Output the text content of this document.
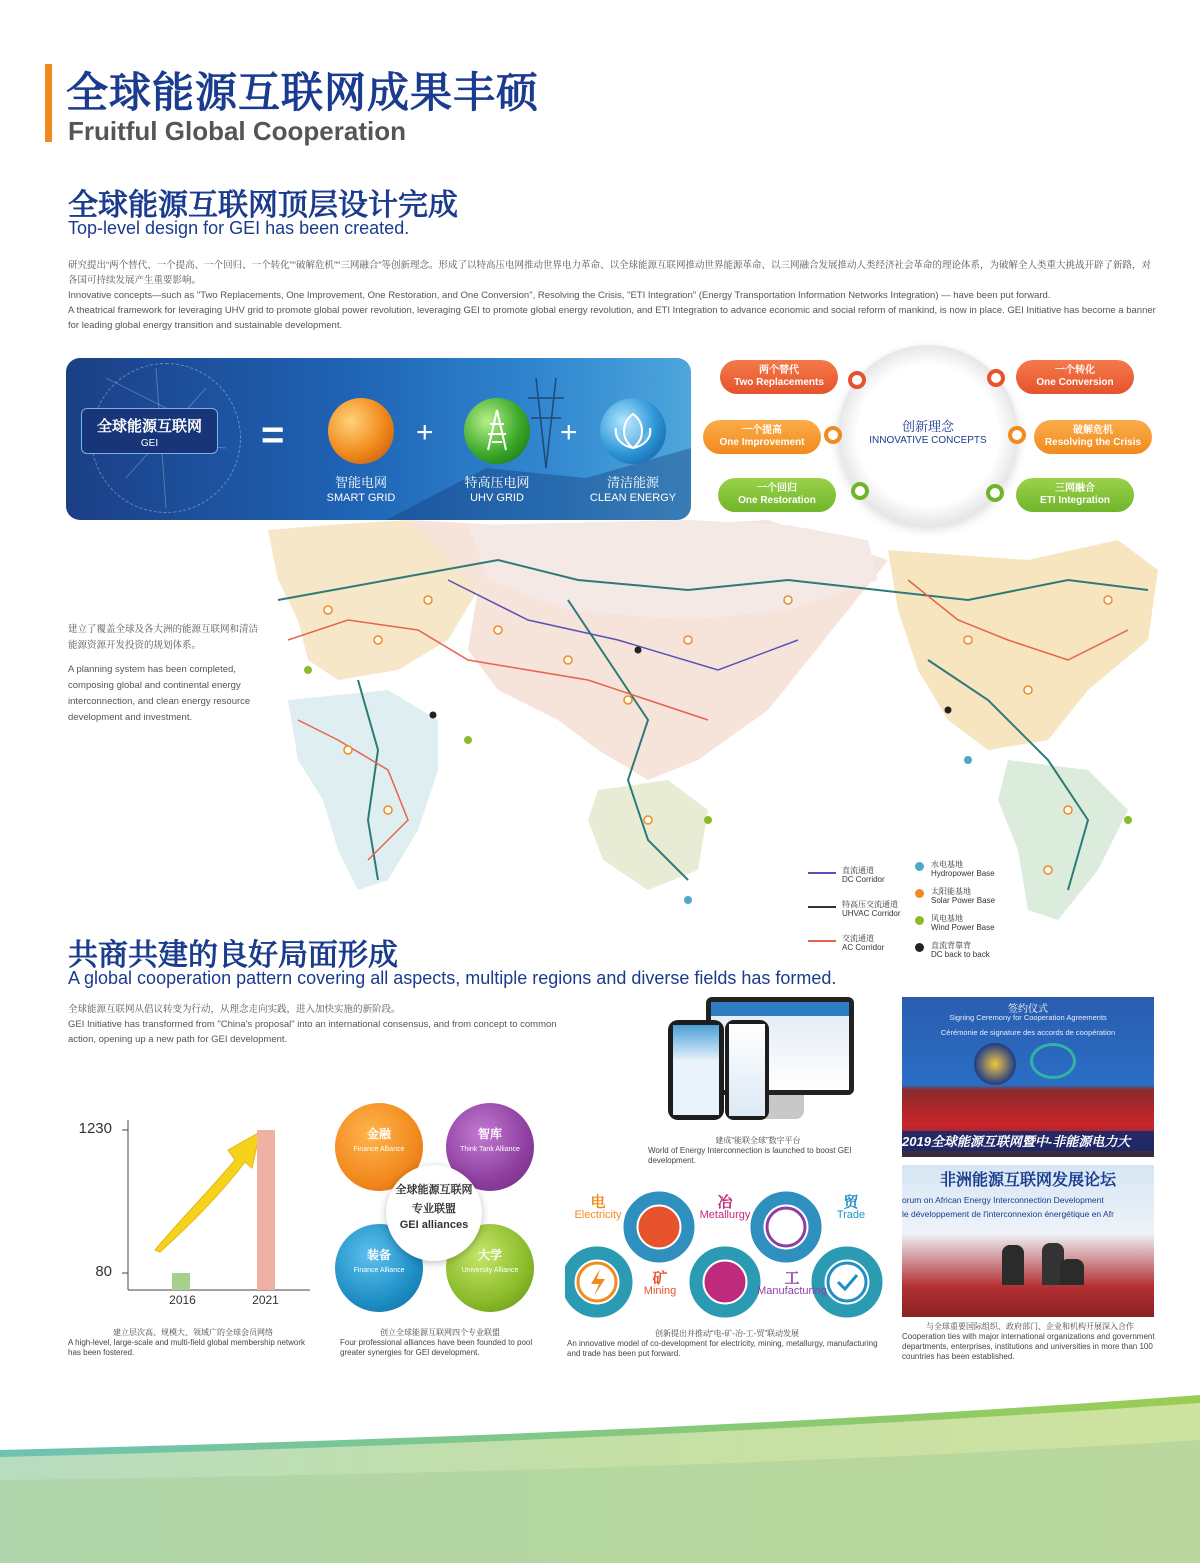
全球能源互联网成果丰硕
Fruitful Global Cooperation
全球能源互联网顶层设计完成
Top-level design for GEI has been created.
研究提出“两个替代、一个提高、一个回归、一个转化”“破解危机”“三网融合”等创新理念。形成了以特高压电网推动世界电力革命、以全球能源互联网推动世界能源革命、以三网融合发展推动人类经济社会革命的理论体系，为破解全人类重大挑战开辟了新路，对各国可持续发展产生重要影响。
Innovative concepts—such as "Two Replacements, One Improvement, One Restoration, and One Conversion", Resolving the Crisis, "ETI Integration" (Energy Transportation Information Networks Integration) — have been put forward.
A theatrical framework for leveraging UHV grid to promote global power revolution, leveraging GEI to promote global energy revolution, and ETI Integration to advance economic and social reform of mankind, is now in place. GEI Initiative has become a banner for leading global energy transition and sustainable development.
全球能源互联网
GEI	=	+	+
智能电网
SMART GRID
特高压电网
UHV GRID
清洁能源
CLEAN ENERGY
创新理念
INNOVATIVE CONCEPTS
两个替代
Two Replacements
一个转化
One Conversion
一个提高
One Improvement
破解危机
Resolving the Crisis
一个回归
One Restoration
三网融合
ETI Integration
建立了覆盖全球及各大洲的能源互联网和清洁能源资源开发投资的规划体系。
A planning system has been completed, composing global and continental energy interconnection, and clean energy resource development and investment.
直流通道
DC Corridor
特高压交流通道
UHVAC Corridor
交流通道
AC Corridor
水电基地
Hydropower Base
太阳能基地
Solar Power Base
风电基地
Wind Power Base
直流背靠背
DC back to back
共商共建的良好局面形成
A global cooperation pattern covering all aspects, multiple regions and diverse fields has formed.
全球能源互联网从倡议转变为行动，从理念走向实践，进入加快实施的新阶段。
GEI Initiative has transformed from "China's proposal" into an international consensus, and from concept to common action, opening up a new path for GEI development.
1230
80
2016	2021
建立层次高、规模大、领域广的全球会员网络
A high-level, large-scale and multi-field global membership network has been fostered.
金融
Finance Alliance
智库
Think Tank Alliance
装备
Finance Alliance
大学
University Alliance
全球能源互联网
专业联盟
GEI alliances
创立全球能源互联网四个专业联盟
Four professional alliances have been founded to pool greater synergies for GEI development.
建成“能联全球”数字平台
World of Energy Interconnection is launched to boost GEI development.
电
Electricity
矿
Mining
冶
Metallurgy
工
Manufacturing
贸
Trade
创新提出并推动“电-矿-冶-工-贸”联动发展
An innovative model of co-development for electricity, mining, metallurgy, manufacturing and trade has been put forward.
签约仪式
Signing Ceremony for Cooperation Agreements
Cérémonie de signature des accords de coopération
2019全球能源互联网暨中-非能源电力大
非洲能源互联网发展论坛
orum on African Energy Interconnection Development
le développement de l'interconnexion énergétique en Afr
与全球重要国际组织、政府部门、企业和机构开展深入合作
Cooperation ties with major international organizations and government departments, enterprises, institutions and universities in more than 100 countries has been established.
